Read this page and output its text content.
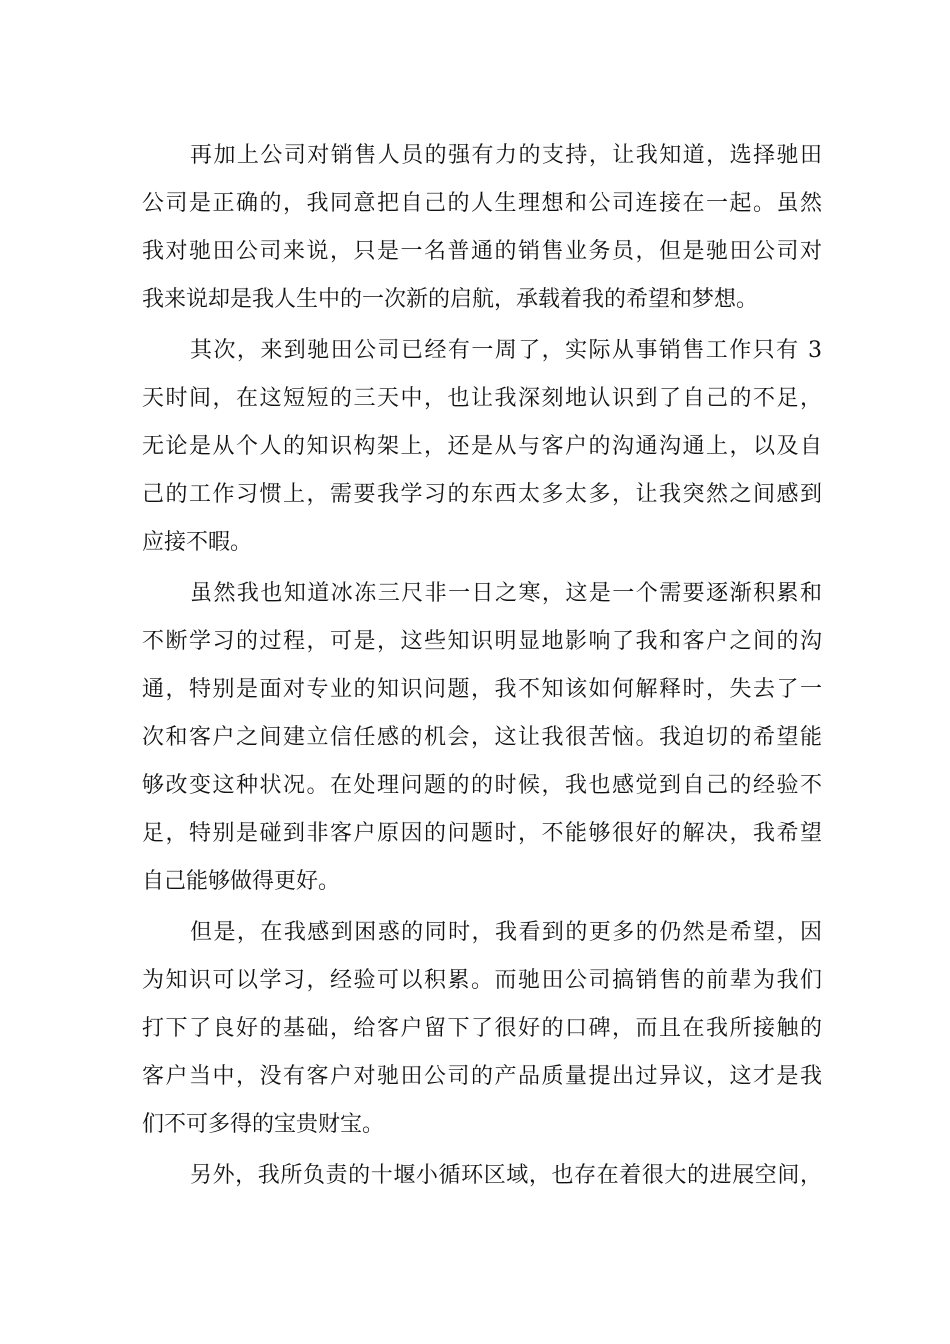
再加上公司对销售人员的强有力的支持，让我知道，选择驰田
公司是正确的，我同意把自己的人生理想和公司连接在一起。虽然
我对驰田公司来说，只是一名普通的销售业务员，但是驰田公司对
我来说却是我人生中的一次新的启航，承载着我的希望和梦想。
其次，来到驰田公司已经有一周了，实际从事销售工作只有 3
天时间，在这短短的三天中，也让我深刻地认识到了自己的不足，
无论是从个人的知识构架上，还是从与客户的沟通沟通上，以及自
己的工作习惯上，需要我学习的东西太多太多，让我突然之间感到
应接不暇。
虽然我也知道冰冻三尺非一日之寒，这是一个需要逐渐积累和
不断学习的过程，可是，这些知识明显地影响了我和客户之间的沟
通，特别是面对专业的知识问题，我不知该如何解释时，失去了一
次和客户之间建立信任感的机会，这让我很苦恼。我迫切的希望能
够改变这种状况。在处理问题的的时候，我也感觉到自己的经验不
足，特别是碰到非客户原因的问题时，不能够很好的解决，我希望
自己能够做得更好。
但是，在我感到困惑的同时，我看到的更多的仍然是希望，因
为知识可以学习，经验可以积累。而驰田公司搞销售的前辈为我们
打下了良好的基础，给客户留下了很好的口碑，而且在我所接触的
客户当中，没有客户对驰田公司的产品质量提出过异议，这才是我
们不可多得的宝贵财宝。
另外，我所负责的十堰小循环区域，也存在着很大的进展空间，
